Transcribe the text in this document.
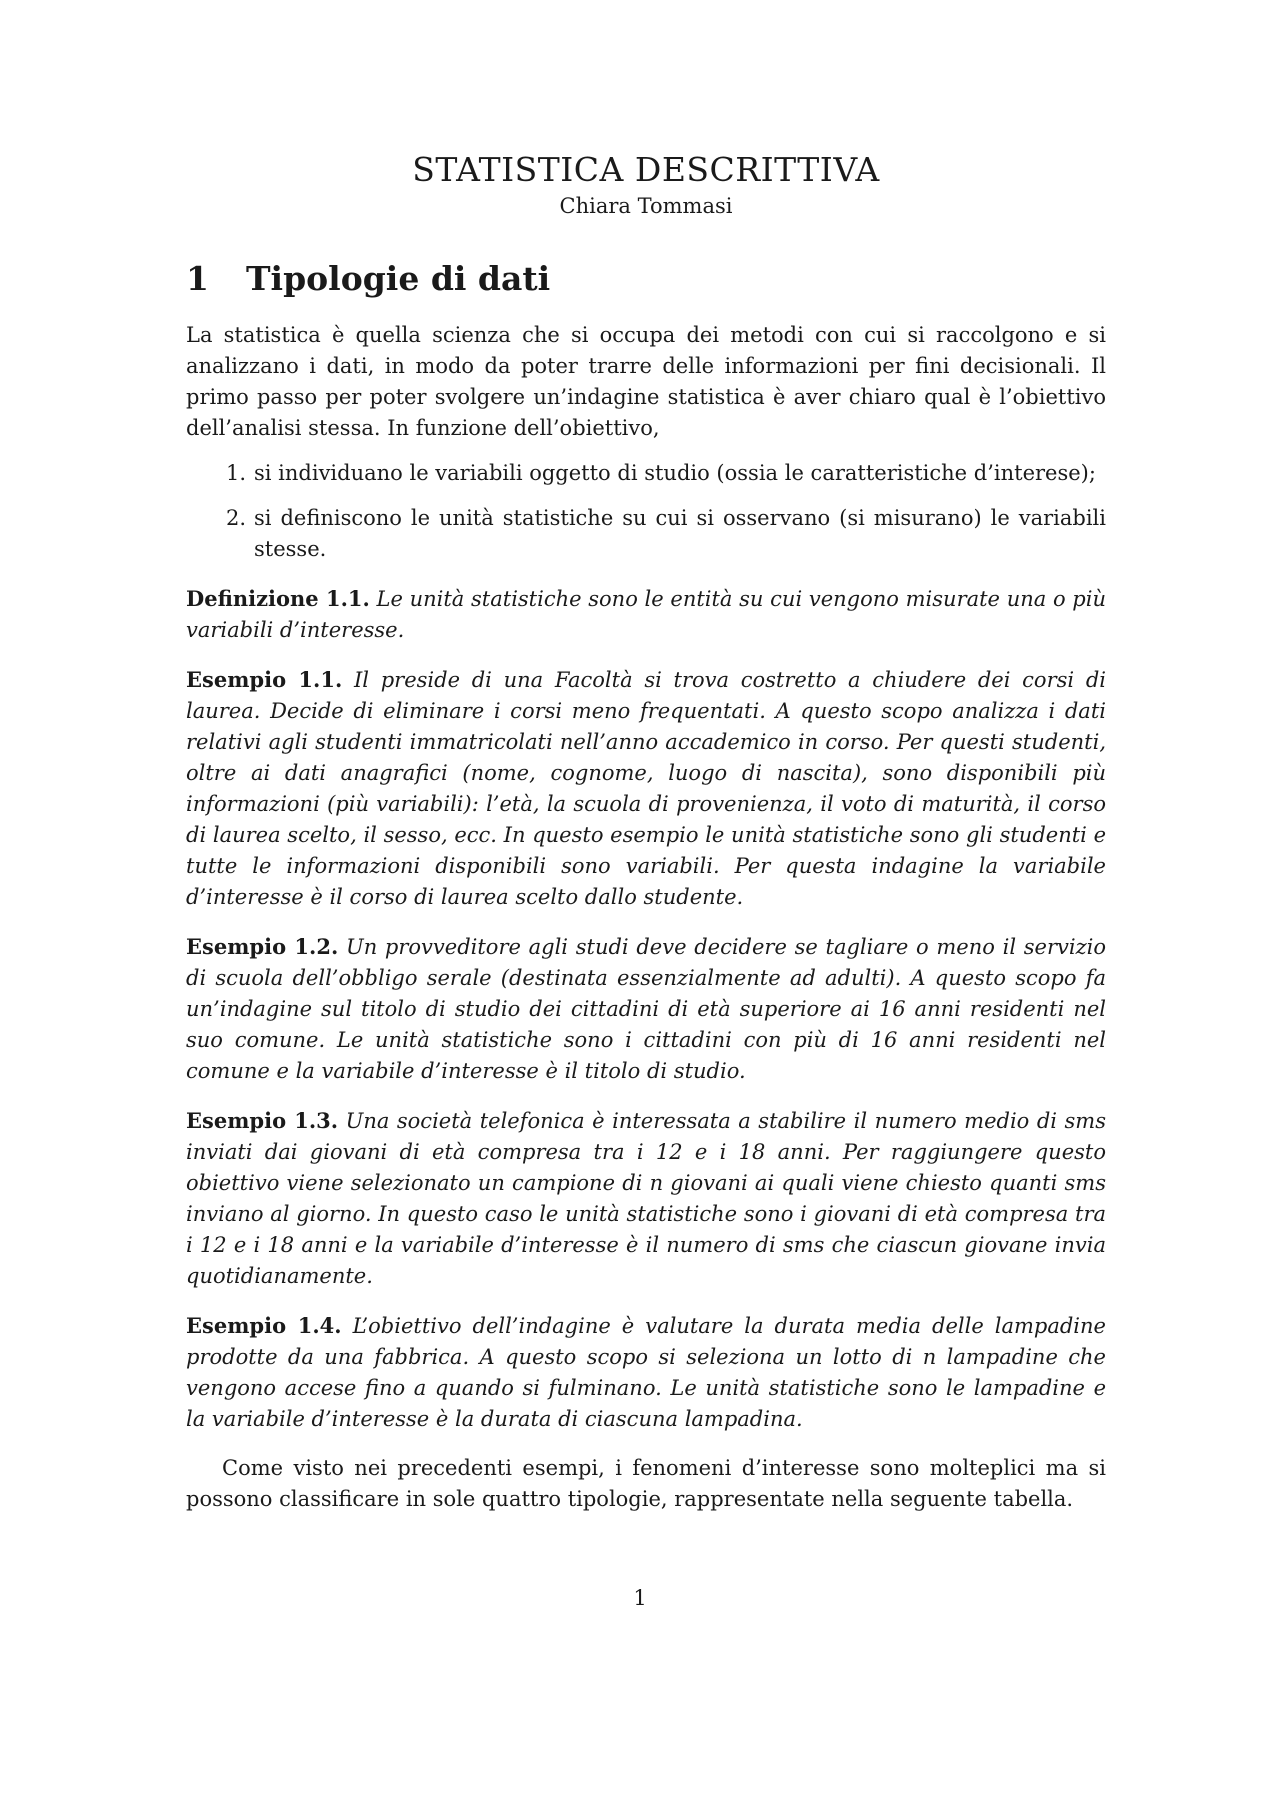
STATISTICA DESCRITTIVA
Chiara Tommasi
1 Tipologie di dati

La statistica è quella scienza che si occupa dei metodi con cui si raccolgono e si analizzano i dati, in modo da poter trarre delle informazioni per fini decisionali. Il primo passo per poter svolgere un’indagine statistica è aver chiaro qual è l’obiettivo dell’analisi stessa. In funzione dell’obiettivo,

1. si individuano le variabili oggetto di studio (ossia le caratteristiche d’interese);
2. si definiscono le unità statistiche su cui si osservano (si misurano) le variabili stesse.
Definizione 1.1. Le unità statistiche sono le entità su cui vengono misurate una o più variabili d’interesse.
Esempio 1.1. Il preside di una Facoltà si trova costretto a chiudere dei corsi di laurea. Decide di eliminare i corsi meno frequentati. A questo scopo analizza i dati relativi agli studenti immatricolati nell’anno accademico in corso. Per questi studenti, oltre ai dati anagrafici (nome, cognome, luogo di nascita), sono disponibili più informazioni (più variabili): l’età, la scuola di provenienza, il voto di maturità, il corso di laurea scelto, il sesso, ecc. In questo esempio le unità statistiche sono gli studenti e tutte le informazioni disponibili sono variabili. Per questa indagine la variabile d’interesse è il corso di laurea scelto dallo studente.
Esempio 1.2. Un provveditore agli studi deve decidere se tagliare o meno il servizio di scuola dell’obbligo serale (destinata essenzialmente ad adulti). A questo scopo fa un’indagine sul titolo di studio dei cittadini di età superiore ai 16 anni residenti nel suo comune. Le unità statistiche sono i cittadini con più di 16 anni residenti nel comune e la variabile d’interesse è il titolo di studio.
Esempio 1.3. Una società telefonica è interessata a stabilire il numero medio di sms inviati dai giovani di età compresa tra i 12 e i 18 anni. Per raggiungere questo obiettivo viene selezionato un campione di n giovani ai quali viene chiesto quanti sms inviano al giorno. In questo caso le unità statistiche sono i giovani di età compresa tra i 12 e i 18 anni e la variabile d’interesse è il numero di sms che ciascun giovane invia quotidianamente.
Esempio 1.4. L’obiettivo dell’indagine è valutare la durata media delle lampadine prodotte da una fabbrica. A questo scopo si seleziona un lotto di n lampadine che vengono accese fino a quando si fulminano. Le unità statistiche sono le lampadine e la variabile d’interesse è la durata di ciascuna lampadina.

Come visto nei precedenti esempi, i fenomeni d’interesse sono molteplici ma si possono classificare in sole quattro tipologie, rappresentate nella seguente tabella.

1
